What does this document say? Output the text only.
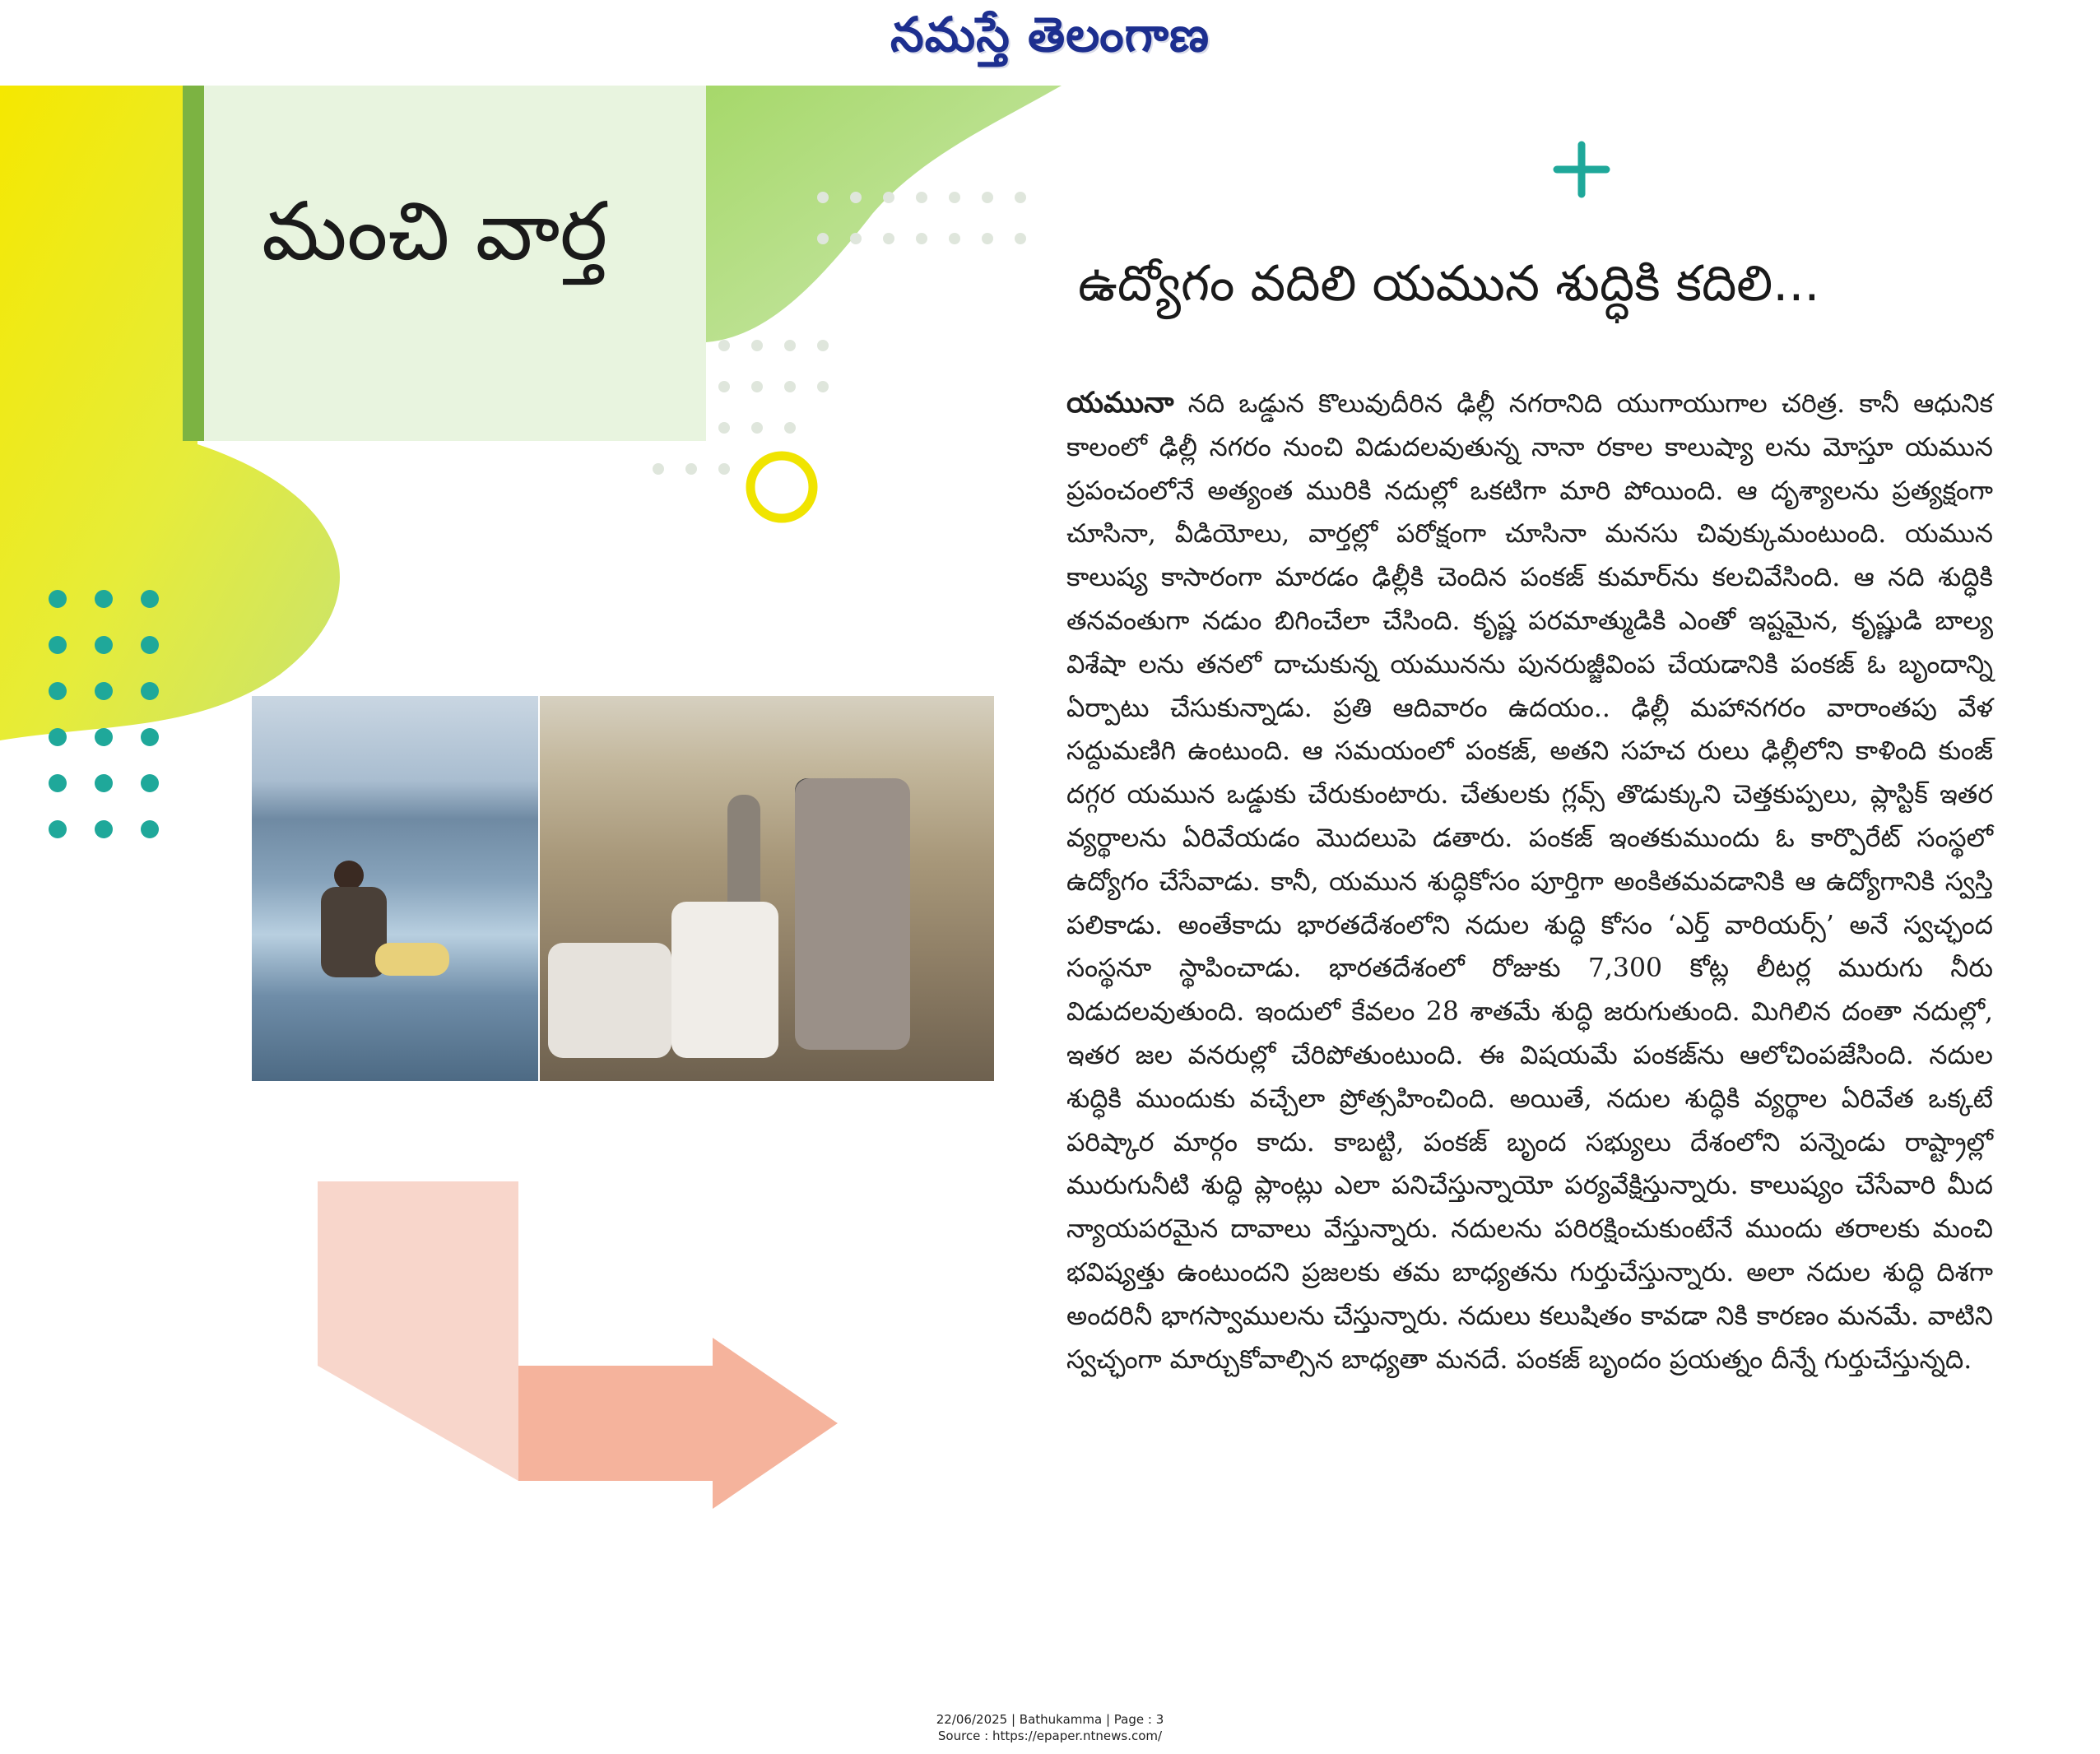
నమస్తే తెలంగాణ
మంచి వార్త
ఉద్యోగం వదిలి యమున శుద్ధికి కదిలి...
యమునా నది ఒడ్డున కొలువుదీరిన ఢిల్లీ నగరానిది యుగాయుగాల చరిత్ర. కానీ ఆధునిక కాలంలో ఢిల్లీ నగరం నుంచి విడుదలవుతున్న నానా రకాల కాలుష్యా లను మోస్తూ యమున ప్రపంచంలోనే అత్యంత మురికి నదుల్లో ఒకటిగా మారి పోయింది. ఆ దృశ్యాలను ప్రత్యక్షంగా చూసినా, వీడియోలు, వార్తల్లో పరోక్షంగా చూసినా మనసు చివుక్కుమంటుంది. యమున కాలుష్య కాసారంగా మారడం ఢిల్లీకి చెందిన పంకజ్ కుమార్‌ను కలచివేసింది. ఆ నది శుద్ధికి తనవంతుగా నడుం బిగించేలా చేసింది. కృష్ణ పరమాత్ముడికి ఎంతో ఇష్టమైన, కృష్ణుడి బాల్య విశేషా లను తనలో దాచుకున్న యమునను పునరుజ్జీవింప చేయడానికి పంకజ్ ఓ బృందాన్ని ఏర్పాటు చేసుకున్నాడు. ప్రతి ఆదివారం ఉదయం.. ఢిల్లీ మహానగరం వారాంతపు వేళ సద్దుమణిగి ఉంటుంది. ఆ సమయంలో పంకజ్, అతని సహచ రులు ఢిల్లీలోని కాళింది కుంజ్ దగ్గర యమున ఒడ్డుకు చేరుకుంటారు. చేతులకు గ్లవ్స్ తొడుక్కుని చెత్తకుప్పలు, ప్లాస్టిక్ ఇతర వ్యర్థాలను ఏరివేయడం మొదలుపె డతారు. పంకజ్ ఇంతకుముందు ఓ కార్పొరేట్ సంస్థలో ఉద్యోగం చేసేవాడు. కానీ, యమున శుద్ధికోసం పూర్తిగా అంకితమవడానికి ఆ ఉద్యోగానికి స్వస్తి పలికాడు. అంతేకాదు భారతదేశంలోని నదుల శుద్ధి కోసం ‘ఎర్త్ వారియర్స్’ అనే స్వచ్ఛంద సంస్థనూ స్థాపించాడు. భారతదేశంలో రోజుకు 7,300 కోట్ల లీటర్ల మురుగు నీరు విడుదలవుతుంది. ఇందులో కేవలం 28 శాతమే శుద్ధి జరుగుతుంది. మిగిలిన దంతా నదుల్లో, ఇతర జల వనరుల్లో చేరిపోతుంటుంది. ఈ విషయమే పంకజ్‌ను ఆలోచింపజేసింది. నదుల శుద్ధికి ముందుకు వచ్చేలా ప్రోత్సహించింది. అయితే, నదుల శుద్ధికి వ్యర్థాల ఏరివేత ఒక్కటే పరిష్కార మార్గం కాదు. కాబట్టి, పంకజ్ బృంద సభ్యులు దేశంలోని పన్నెండు రాష్ట్రాల్లో మురుగునీటి శుద్ధి ప్లాంట్లు ఎలా పనిచేస్తున్నాయో పర్యవేక్షిస్తున్నారు. కాలుష్యం చేసేవారి మీద న్యాయపరమైన దావాలు వేస్తున్నారు. నదులను పరిరక్షించుకుంటేనే ముందు తరాలకు మంచి భవిష్యత్తు ఉంటుందని ప్రజలకు తమ బాధ్యతను గుర్తుచేస్తున్నారు. అలా నదుల శుద్ధి దిశగా అందరినీ భాగస్వాములను చేస్తున్నారు. నదులు కలుషితం కావడా నికి కారణం మనమే. వాటిని స్వచ్ఛంగా మార్చుకోవాల్సిన బాధ్యతా మనదే. పంకజ్ బృందం ప్రయత్నం దీన్నే గుర్తుచేస్తున్నది.
22/06/2025 | Bathukamma | Page : 3
Source : https://epaper.ntnews.com/
